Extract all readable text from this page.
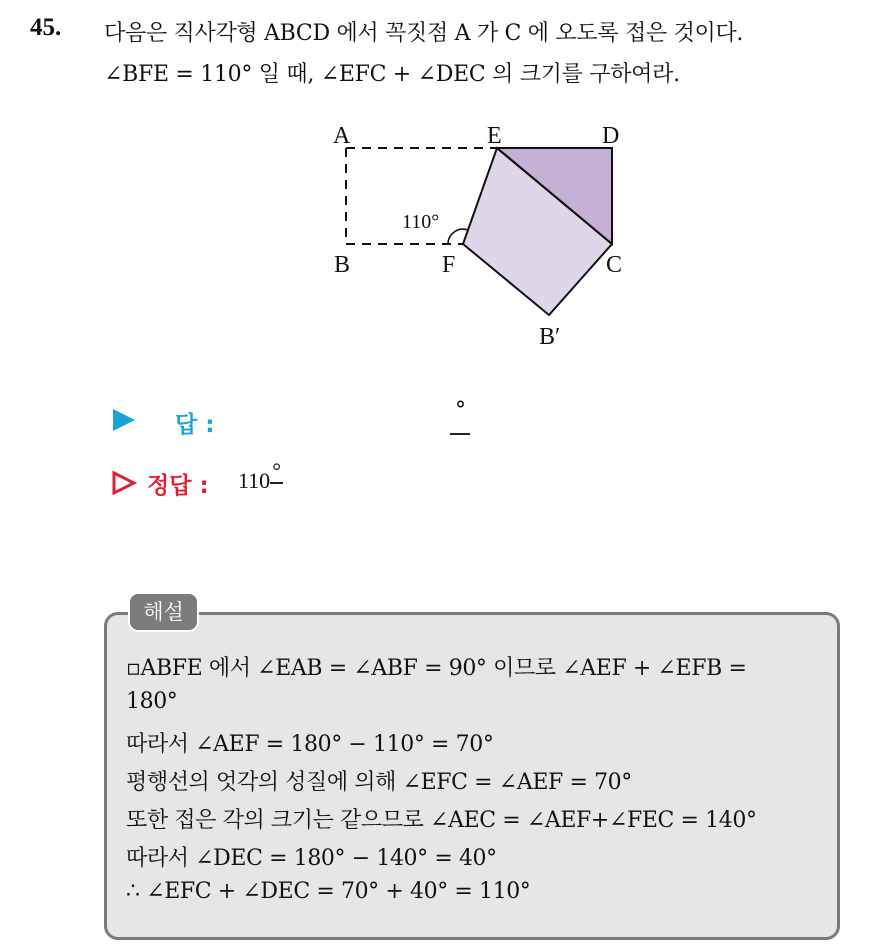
45. 다음은 직사각형 ABCD 에서 꼭짓점 A 가 C 에 오도록 접은 것이다.
∠BFE = 110° 일 때, ∠EFC + ∠DEC 의 크기를 구하여라.
A	E	D
B	F	C
B′
110°
답 :
°
정답 : 110°
해설
▫ABFE 에서 ∠EAB = ∠ABF = 90° 이므로 ∠AEF + ∠EFB =
180°
따라서 ∠AEF = 180° − 110° = 70°
평행선의 엇각의 성질에 의해 ∠EFC = ∠AEF = 70°
또한 접은 각의 크기는 같으므로 ∠AEC = ∠AEF+∠FEC = 140°
따라서 ∠DEC = 180° − 140° = 40°
∴ ∠EFC + ∠DEC = 70° + 40° = 110°
